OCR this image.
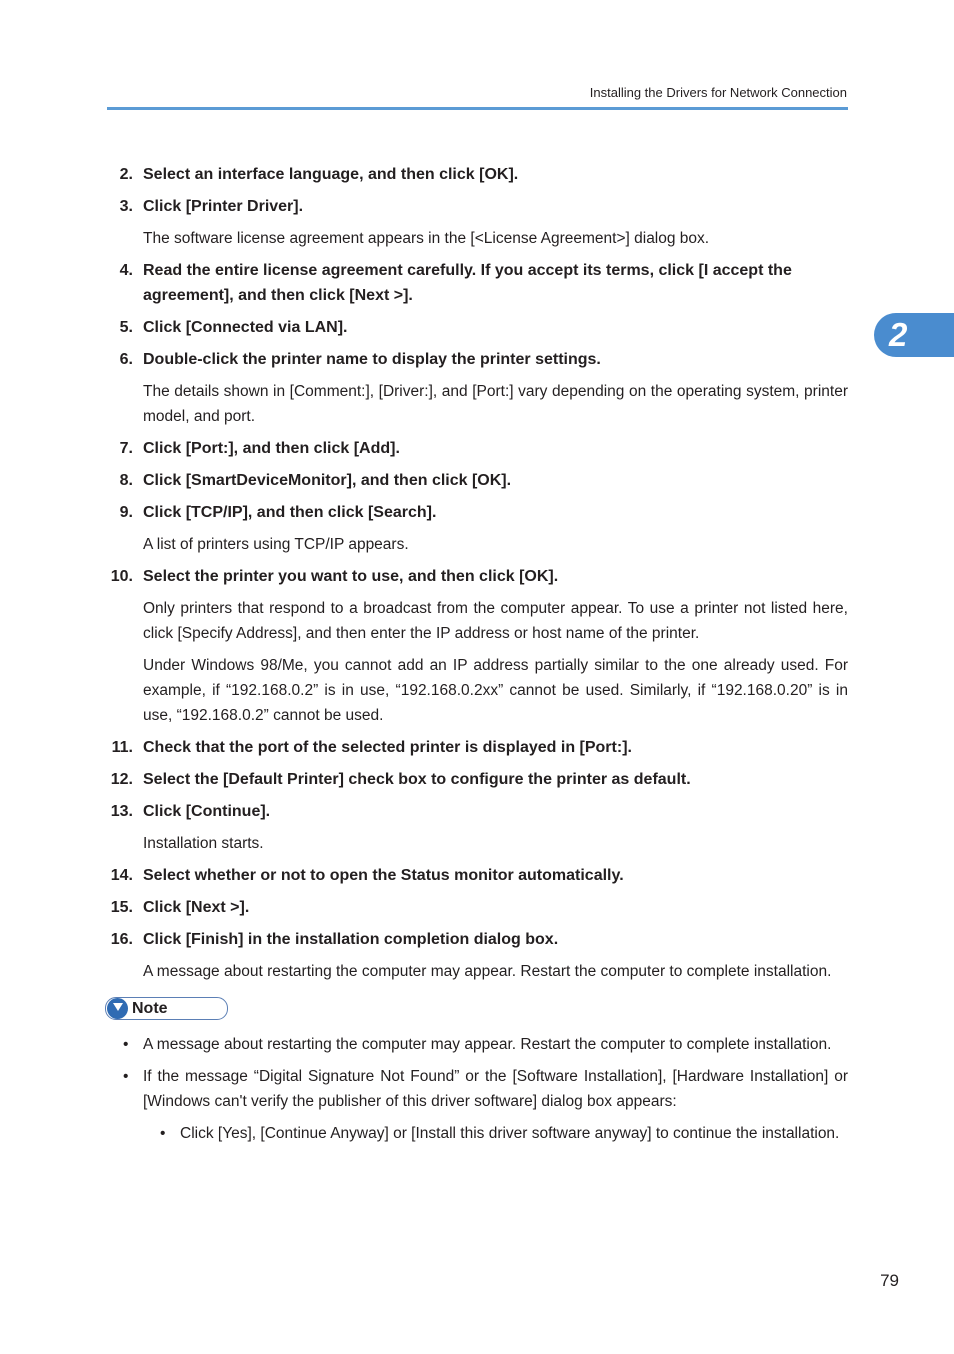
Installing the Drivers for Network Connection
2
2. Select an interface language, and then click [OK].
3. Click [Printer Driver].
The software license agreement appears in the [<License Agreement>] dialog box.
4. Read the entire license agreement carefully. If you accept its terms, click [I accept the agreement], and then click [Next >].
5. Click [Connected via LAN].
6. Double-click the printer name to display the printer settings.
The details shown in [Comment:], [Driver:], and [Port:] vary depending on the operating system, printer model, and port.
7. Click [Port:], and then click [Add].
8. Click [SmartDeviceMonitor], and then click [OK].
9. Click [TCP/IP], and then click [Search].
A list of printers using TCP/IP appears.
10. Select the printer you want to use, and then click [OK].
Only printers that respond to a broadcast from the computer appear. To use a printer not listed here, click [Specify Address], and then enter the IP address or host name of the printer.
Under Windows 98/Me, you cannot add an IP address partially similar to the one already used. For example, if “192.168.0.2” is in use, “192.168.0.2xx” cannot be used. Similarly, if “192.168.0.20” is in use, “192.168.0.2” cannot be used.
11. Check that the port of the selected printer is displayed in [Port:].
12. Select the [Default Printer] check box to configure the printer as default.
13. Click [Continue].
Installation starts.
14. Select whether or not to open the Status monitor automatically.
15. Click [Next >].
16. Click [Finish] in the installation completion dialog box.
A message about restarting the computer may appear. Restart the computer to complete installation.
Note
• A message about restarting the computer may appear. Restart the computer to complete installation.
• If the message “Digital Signature Not Found” or the [Software Installation], [Hardware Installation] or [Windows can't verify the publisher of this driver software] dialog box appears:
• Click [Yes], [Continue Anyway] or [Install this driver software anyway] to continue the installation.
79
